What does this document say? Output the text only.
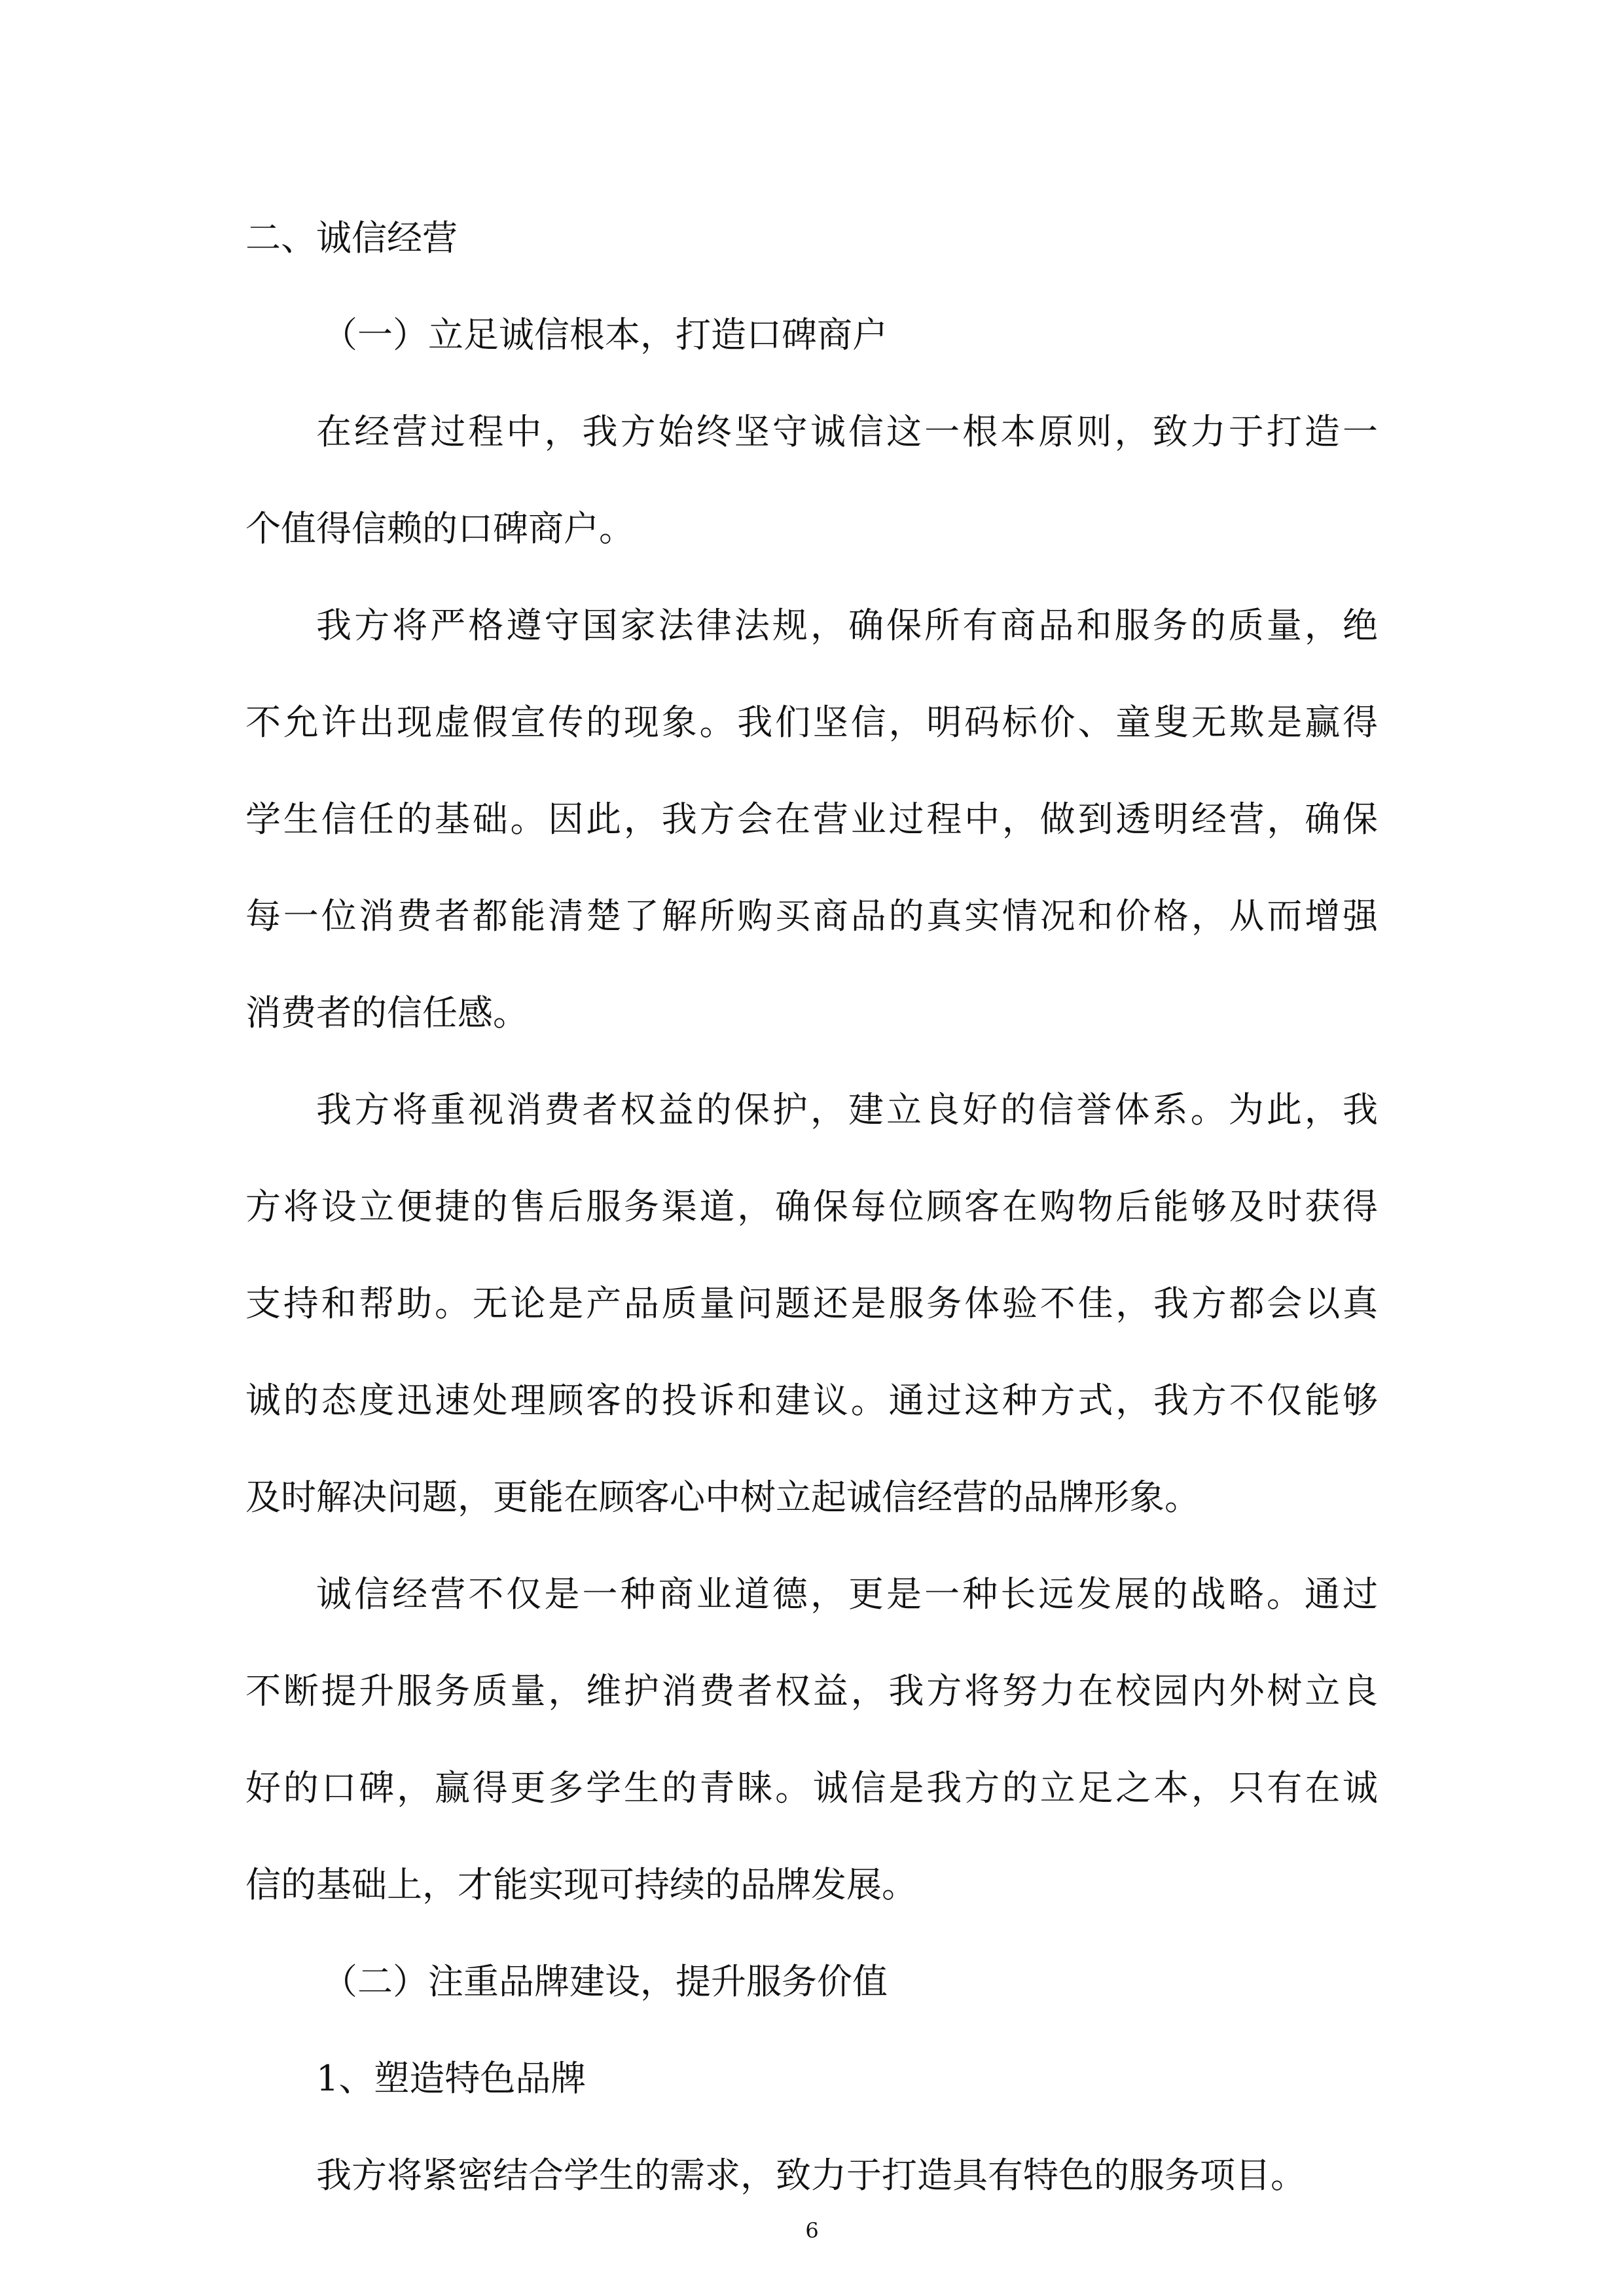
二、诚信经营
（一）立足诚信根本，打造口碑商户
在经营过程中，我方始终坚守诚信这一根本原则，致力于打造一
个值得信赖的口碑商户。
我方将严格遵守国家法律法规，确保所有商品和服务的质量，绝
不允许出现虚假宣传的现象。我们坚信，明码标价、童叟无欺是赢得
学生信任的基础。因此，我方会在营业过程中，做到透明经营，确保
每一位消费者都能清楚了解所购买商品的真实情况和价格，从而增强
消费者的信任感。
我方将重视消费者权益的保护，建立良好的信誉体系。为此，我
方将设立便捷的售后服务渠道，确保每位顾客在购物后能够及时获得
支持和帮助。无论是产品质量问题还是服务体验不佳，我方都会以真
诚的态度迅速处理顾客的投诉和建议。通过这种方式，我方不仅能够
及时解决问题，更能在顾客心中树立起诚信经营的品牌形象。
诚信经营不仅是一种商业道德，更是一种长远发展的战略。通过
不断提升服务质量，维护消费者权益，我方将努力在校园内外树立良
好的口碑，赢得更多学生的青睐。诚信是我方的立足之本，只有在诚
信的基础上，才能实现可持续的品牌发展。
（二）注重品牌建设，提升服务价值
1、塑造特色品牌
我方将紧密结合学生的需求，致力于打造具有特色的服务项目。
6
